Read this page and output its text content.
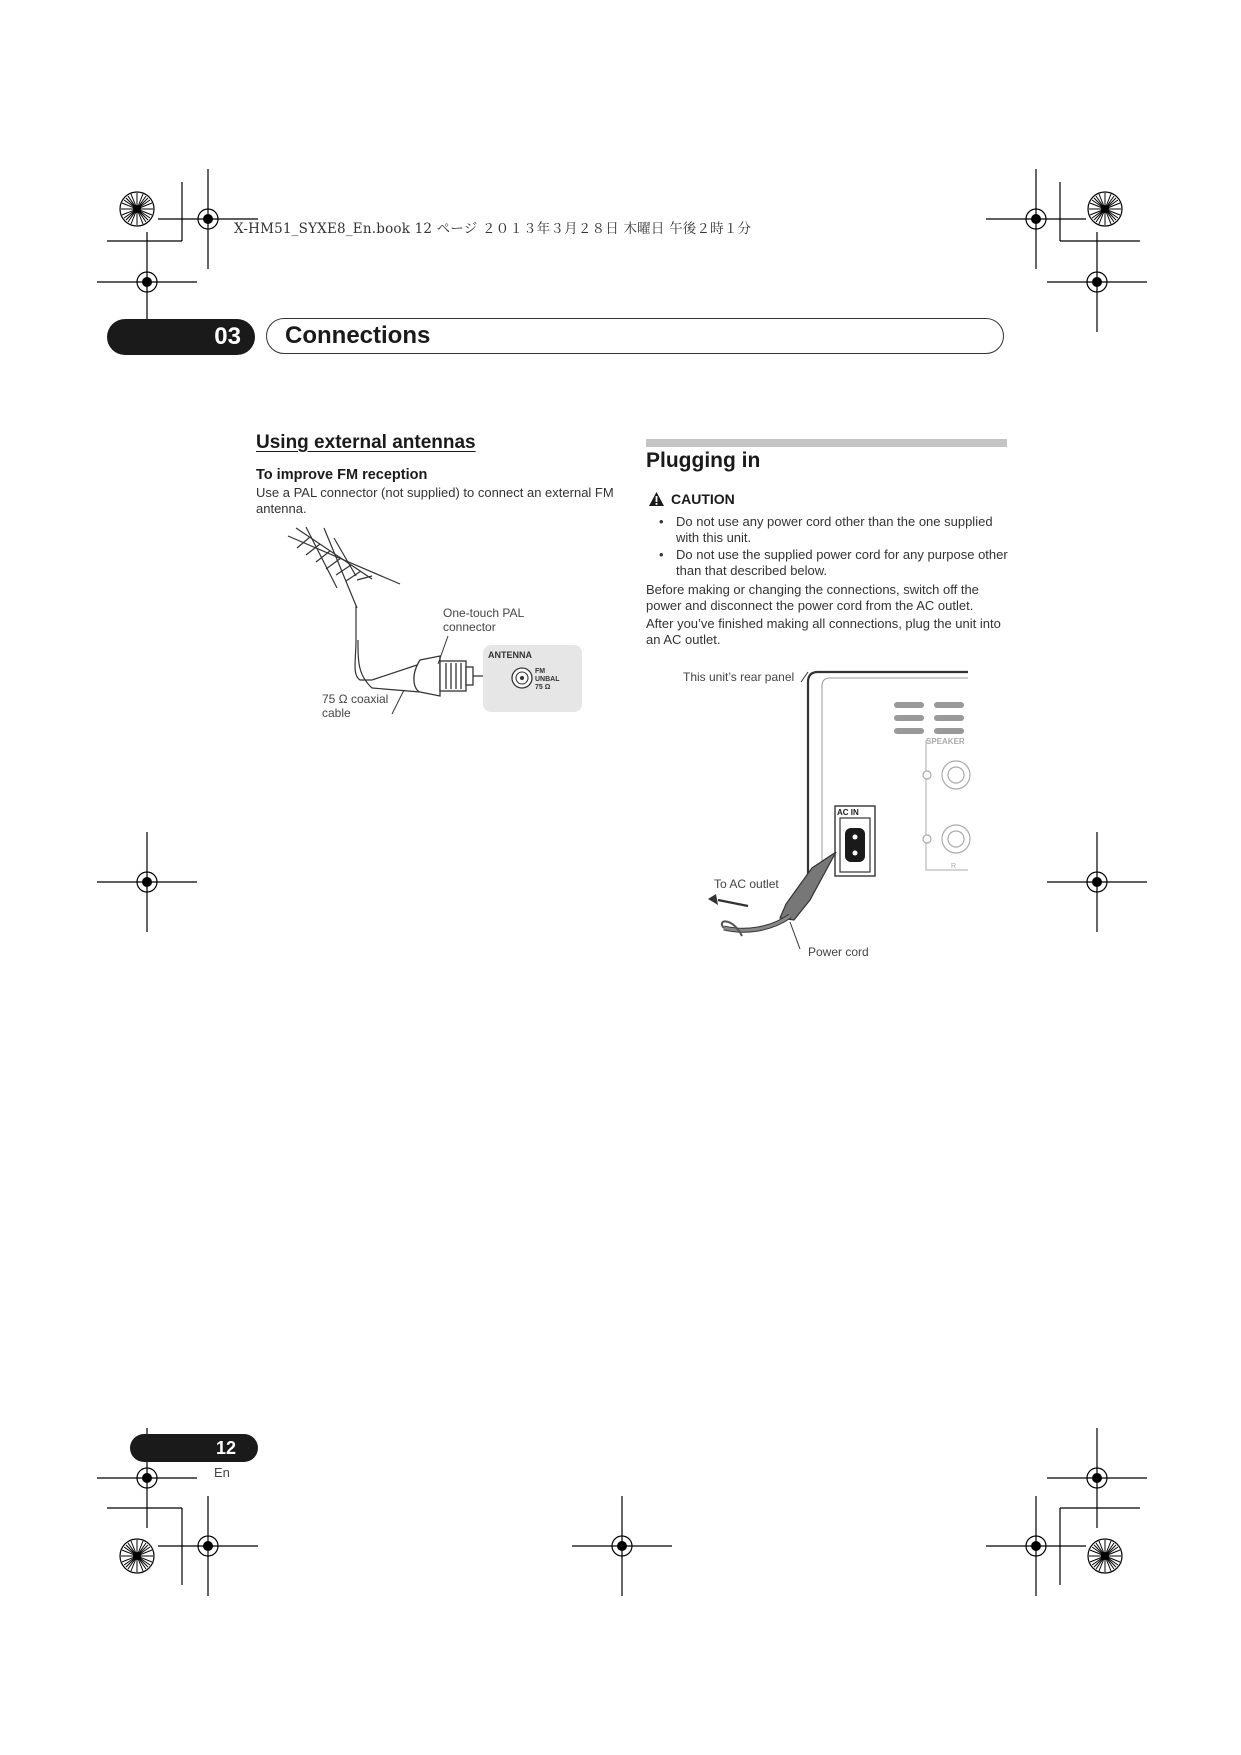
X-HM51_SYXE8_En.book 12 ページ ２０１３年３月２８日 木曜日 午後２時１分
03	Connections
Using external antennas
To improve FM reception
Use a PAL connector (not supplied) to connect an external FM antenna.
One-touch PAL
connector
ANTENNA
FM
UNBAL
75 Ω
75 Ω coaxial
cable
Plugging in
CAUTION
• Do not use any power cord other than the one supplied with this unit.
• Do not use the supplied power cord for any purpose other than that described below.
Before making or changing the connections, switch off the power and disconnect the power cord from the AC outlet.
After you’ve finished making all connections, plug the unit into an AC outlet.
This unit’s rear panel
SPEAKER
AC IN
R
To AC outlet
Power cord
12
En
